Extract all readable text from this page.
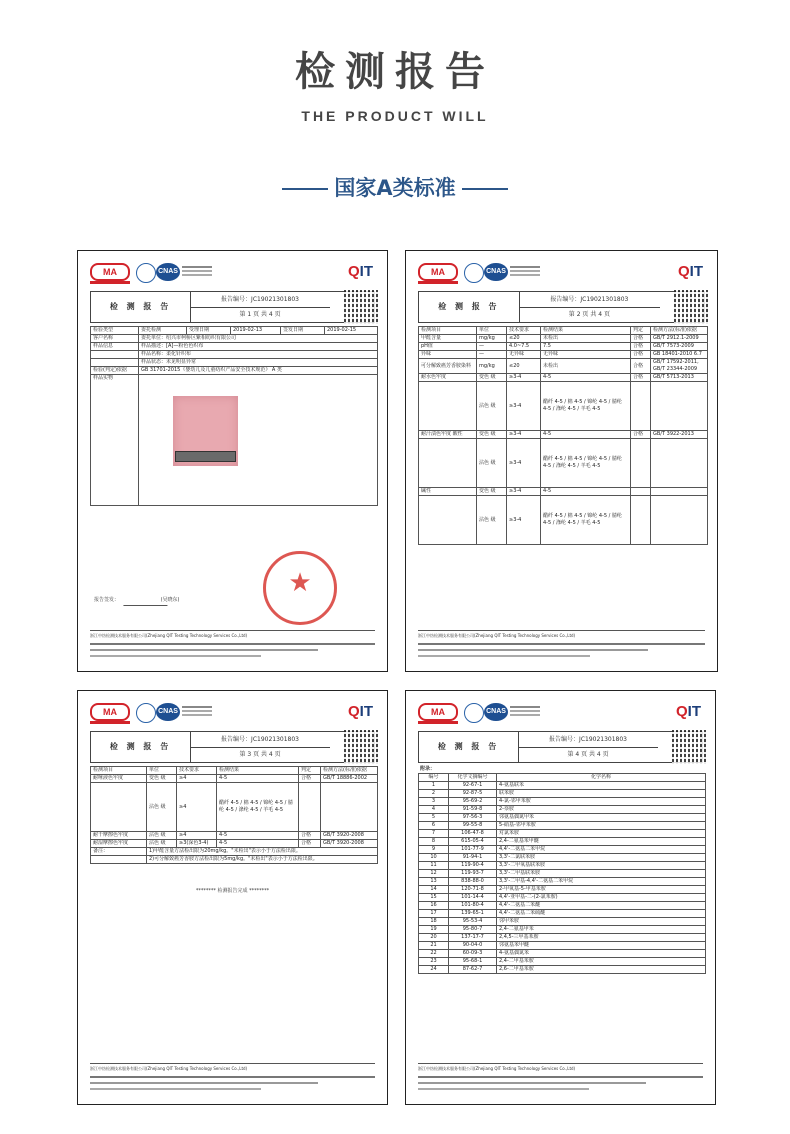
检测报告
THE PRODUCT WILL
国家A类标准
MA	CNAS	QIT
检 测 报 告
报告编号：JC19021301803
第 1 页 共 4 页
检验类型	委托检测	受理日期	2019-02-13	签发日期	2019-02-15
客户名称	委托单位：绍兴市柯桥区紫相纺织有限公司				
样品信息	样品描述：[A]—粉色色织布				
	样品名称：柔化针织布				
	样品状态：未见明显异常				
检验(判定)依据	GB 31701-2015《婴幼儿及儿童纺织产品安全技术规范》 A 类				
样品实物					
★
报告签发：	(吴晓东)
浙江中纺检测技术服务有限公司(Zhejiang QIT Testing Technology Services Co.,Ltd)
MA	CNAS	QIT
检 测 报 告
报告编号：JC19021301803
第 2 页 共 4 页
检测项目	单位	技术要求	检测结果	判定	检测方法(标准)依据
甲醛含量	mg/kg	≤20	未检出	合格	GB/T 2912.1-2009
pH值	—	4.0~7.5	7.5	合格	GB/T 7573-2009
异味	—	无异味	无异味	合格	GB 18401-2010 6.7
可分解致癌芳香胺染料	mg/kg	≤20	未检出	合格	GB/T 17592-2011, GB/T 23344-2009
耐水色牢度	变色 级	≥3-4	4-5	合格	GB/T 5713-2013
	沾色 级	≥3-4	醋纤 4-5 / 棉 4-5 / 锦纶 4-5 / 腈纶 4-5 / 涤纶 4-5 / 羊毛 4-5		
耐汗渍色牢度 酸性	变色 级	≥3-4	4-5	合格	GB/T 3922-2013
	沾色 级	≥3-4	醋纤 4-5 / 棉 4-5 / 锦纶 4-5 / 腈纶 4-5 / 涤纶 4-5 / 羊毛 4-5		
碱性	变色 级	≥3-4	4-5		
	沾色 级	≥3-4	醋纤 4-5 / 棉 4-5 / 锦纶 4-5 / 腈纶 4-5 / 涤纶 4-5 / 羊毛 4-5		
浙江中纺检测技术服务有限公司(Zhejiang QIT Testing Technology Services Co.,Ltd)
MA	CNAS	QIT
检 测 报 告
报告编号：JC19021301803
第 3 页 共 4 页
检测项目	单位	技术要求	检测结果	判定	检测方法(标准)依据
耐唾液色牢度	变色 级	≥4	4-5	合格	GB/T 18886-2002
	沾色 级	≥4	醋纤 4-5 / 棉 4-5 / 锦纶 4-5 / 腈纶 4-5 / 涤纶 4-5 / 羊毛 4-5		
耐干摩擦色牢度	沾色 级	≥4	4-5	合格	GB/T 3920-2008
耐湿摩擦色牢度	沾色 级	≥3(深色3-4)	4-5	合格	GB/T 3920-2008
备注：	1)甲醛含量方法检出限为20mg/kg。"未检出"表示小于方法检出限。				
	2)可分解致癌芳香胺方法检出限为5mg/kg。"未检出"表示小于方法检出限。				
******** 检测报告完成 ********
浙江中纺检测技术服务有限公司(Zhejiang QIT Testing Technology Services Co.,Ltd)
MA	CNAS	QIT
检 测 报 告
报告编号：JC19021301803
第 4 页 共 4 页
附录：
编号	化学文摘编号	化学名称
1	92-67-1	4-氨基联苯
2	92-87-5	联苯胺
3	95-69-2	4-氯-邻甲苯胺
4	91-59-8	2-萘胺
5	97-56-3	邻氨基偶氮甲苯
6	99-55-8	5-硝基-邻甲苯胺
7	106-47-8	对氯苯胺
8	615-05-4	2,4-二氨基苯甲醚
9	101-77-9	4,4'-二氨基二苯甲烷
10	91-94-1	3,3'-二氯联苯胺
11	119-90-4	3,3'-二甲氧基联苯胺
12	119-93-7	3,3'-二甲基联苯胺
13	838-88-0	3,3'-二甲基-4,4'-二氨基二苯甲烷
14	120-71-8	2-甲氧基-5-甲基苯胺
15	101-14-4	4,4'-亚甲基-二-(2-氯苯胺)
16	101-80-4	4,4'-二氨基二苯醚
17	139-65-1	4,4'-二氨基二苯硫醚
18	95-53-4	邻甲苯胺
19	95-80-7	2,4-二氨基甲苯
20	137-17-7	2,4,5-三甲基苯胺
21	90-04-0	邻氨基苯甲醚
22	60-09-3	4-氨基偶氮苯
23	95-68-1	2,4-二甲基苯胺
24	87-62-7	2,6-二甲基苯胺
浙江中纺检测技术服务有限公司(Zhejiang QIT Testing Technology Services Co.,Ltd)
